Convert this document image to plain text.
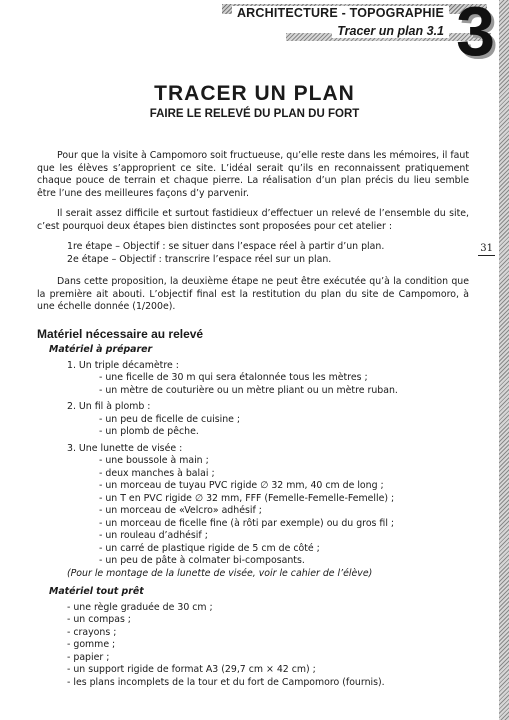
ARCHITECTURE - TOPOGRAPHIE
Tracer un plan 3.1 3
31
TRACER UN PLAN
FAIRE LE RELEVÉ DU PLAN DU FORT

Pour que la visite à Campomoro soit fructueuse, qu’elle reste dans les mémoires, il faut que les élèves s’approprient ce site. L’idéal serait qu’ils en reconnaissent pratiquement chaque pouce de terrain et chaque pierre. La réalisation d’un plan précis du lieu semble être l’une des meilleures façons d’y parvenir.

Il serait assez difficile et surtout fastidieux d’effectuer un relevé de l’ensemble du site, c’est pourquoi deux étapes bien distinctes sont proposées pour cet atelier :

1re étape – Objectif : se situer dans l’espace réel à partir d’un plan.

2e étape – Objectif : transcrire l’espace réel sur un plan.

Dans cette proposition, la deuxième étape ne peut être exécutée qu’à la condition que la première ait abouti. L’objectif final est la restitution du plan du site de Campomoro, à une échelle donnée (1/200e).

Matériel nécessaire au relevé
Matériel à préparer
1. Un triple décamètre :
- une ficelle de 30 m qui sera étalonnée tous les mètres ;
- un mètre de couturière ou un mètre pliant ou un mètre ruban.
2. Un fil à plomb :
- un peu de ficelle de cuisine ;
- un plomb de pêche.
3. Une lunette de visée :
- une boussole à main ;
- deux manches à balai ;
- un morceau de tuyau PVC rigide ∅ 32 mm, 40 cm de long ;
- un T en PVC rigide ∅ 32 mm, FFF (Femelle-Femelle-Femelle) ;
- un morceau de «Velcro» adhésif ;
- un morceau de ficelle fine (à rôti par exemple) ou du gros fil ;
- un rouleau d’adhésif ;
- un carré de plastique rigide de 5 cm de côté ;
- un peu de pâte à colmater bi-composants.
(Pour le montage de la lunette de visée, voir le cahier de l’élève)
Matériel tout prêt
- une règle graduée de 30 cm ;
- un compas ;
- crayons ;
- gomme ;
- papier ;
- un support rigide de format A3 (29,7 cm × 42 cm) ;
- les plans incomplets de la tour et du fort de Campomoro (fournis).
